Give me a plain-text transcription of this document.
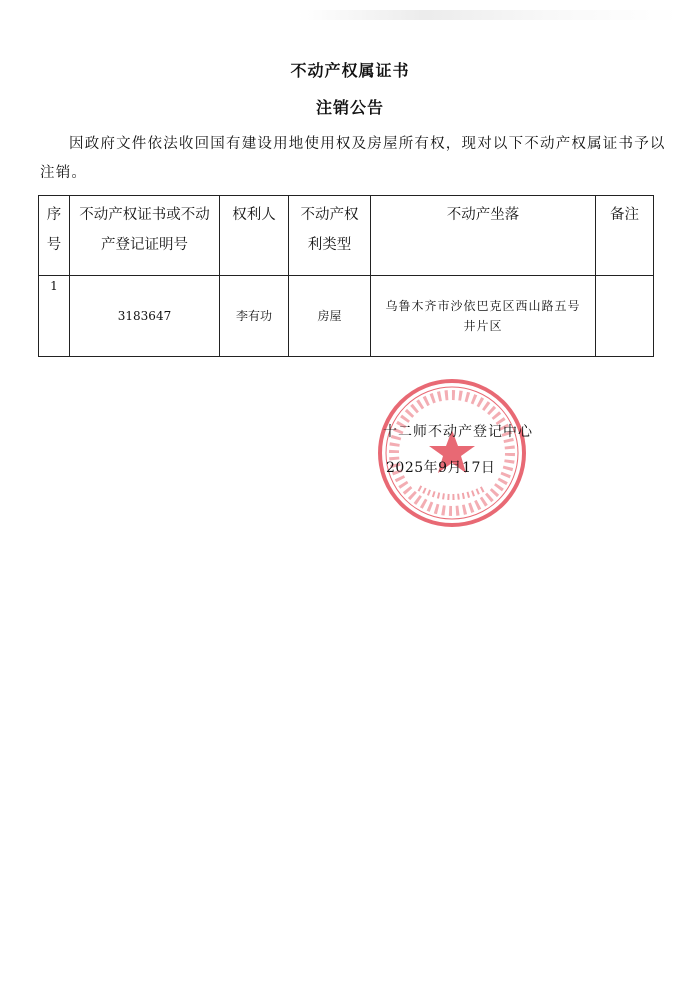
不动产权属证书
注销公告
因政府文件依法收回国有建设用地使用权及房屋所有权，现对以下不动产权属证书予以注销。
序号	不动产权证书或不动产登记证明号	权利人	不动产权利类型	不动产坐落	备注
1	3183647	李有功	房屋	乌鲁木齐市沙依巴克区西山路五号井片区	
十二师不动产登记中心
2025年9月17日
